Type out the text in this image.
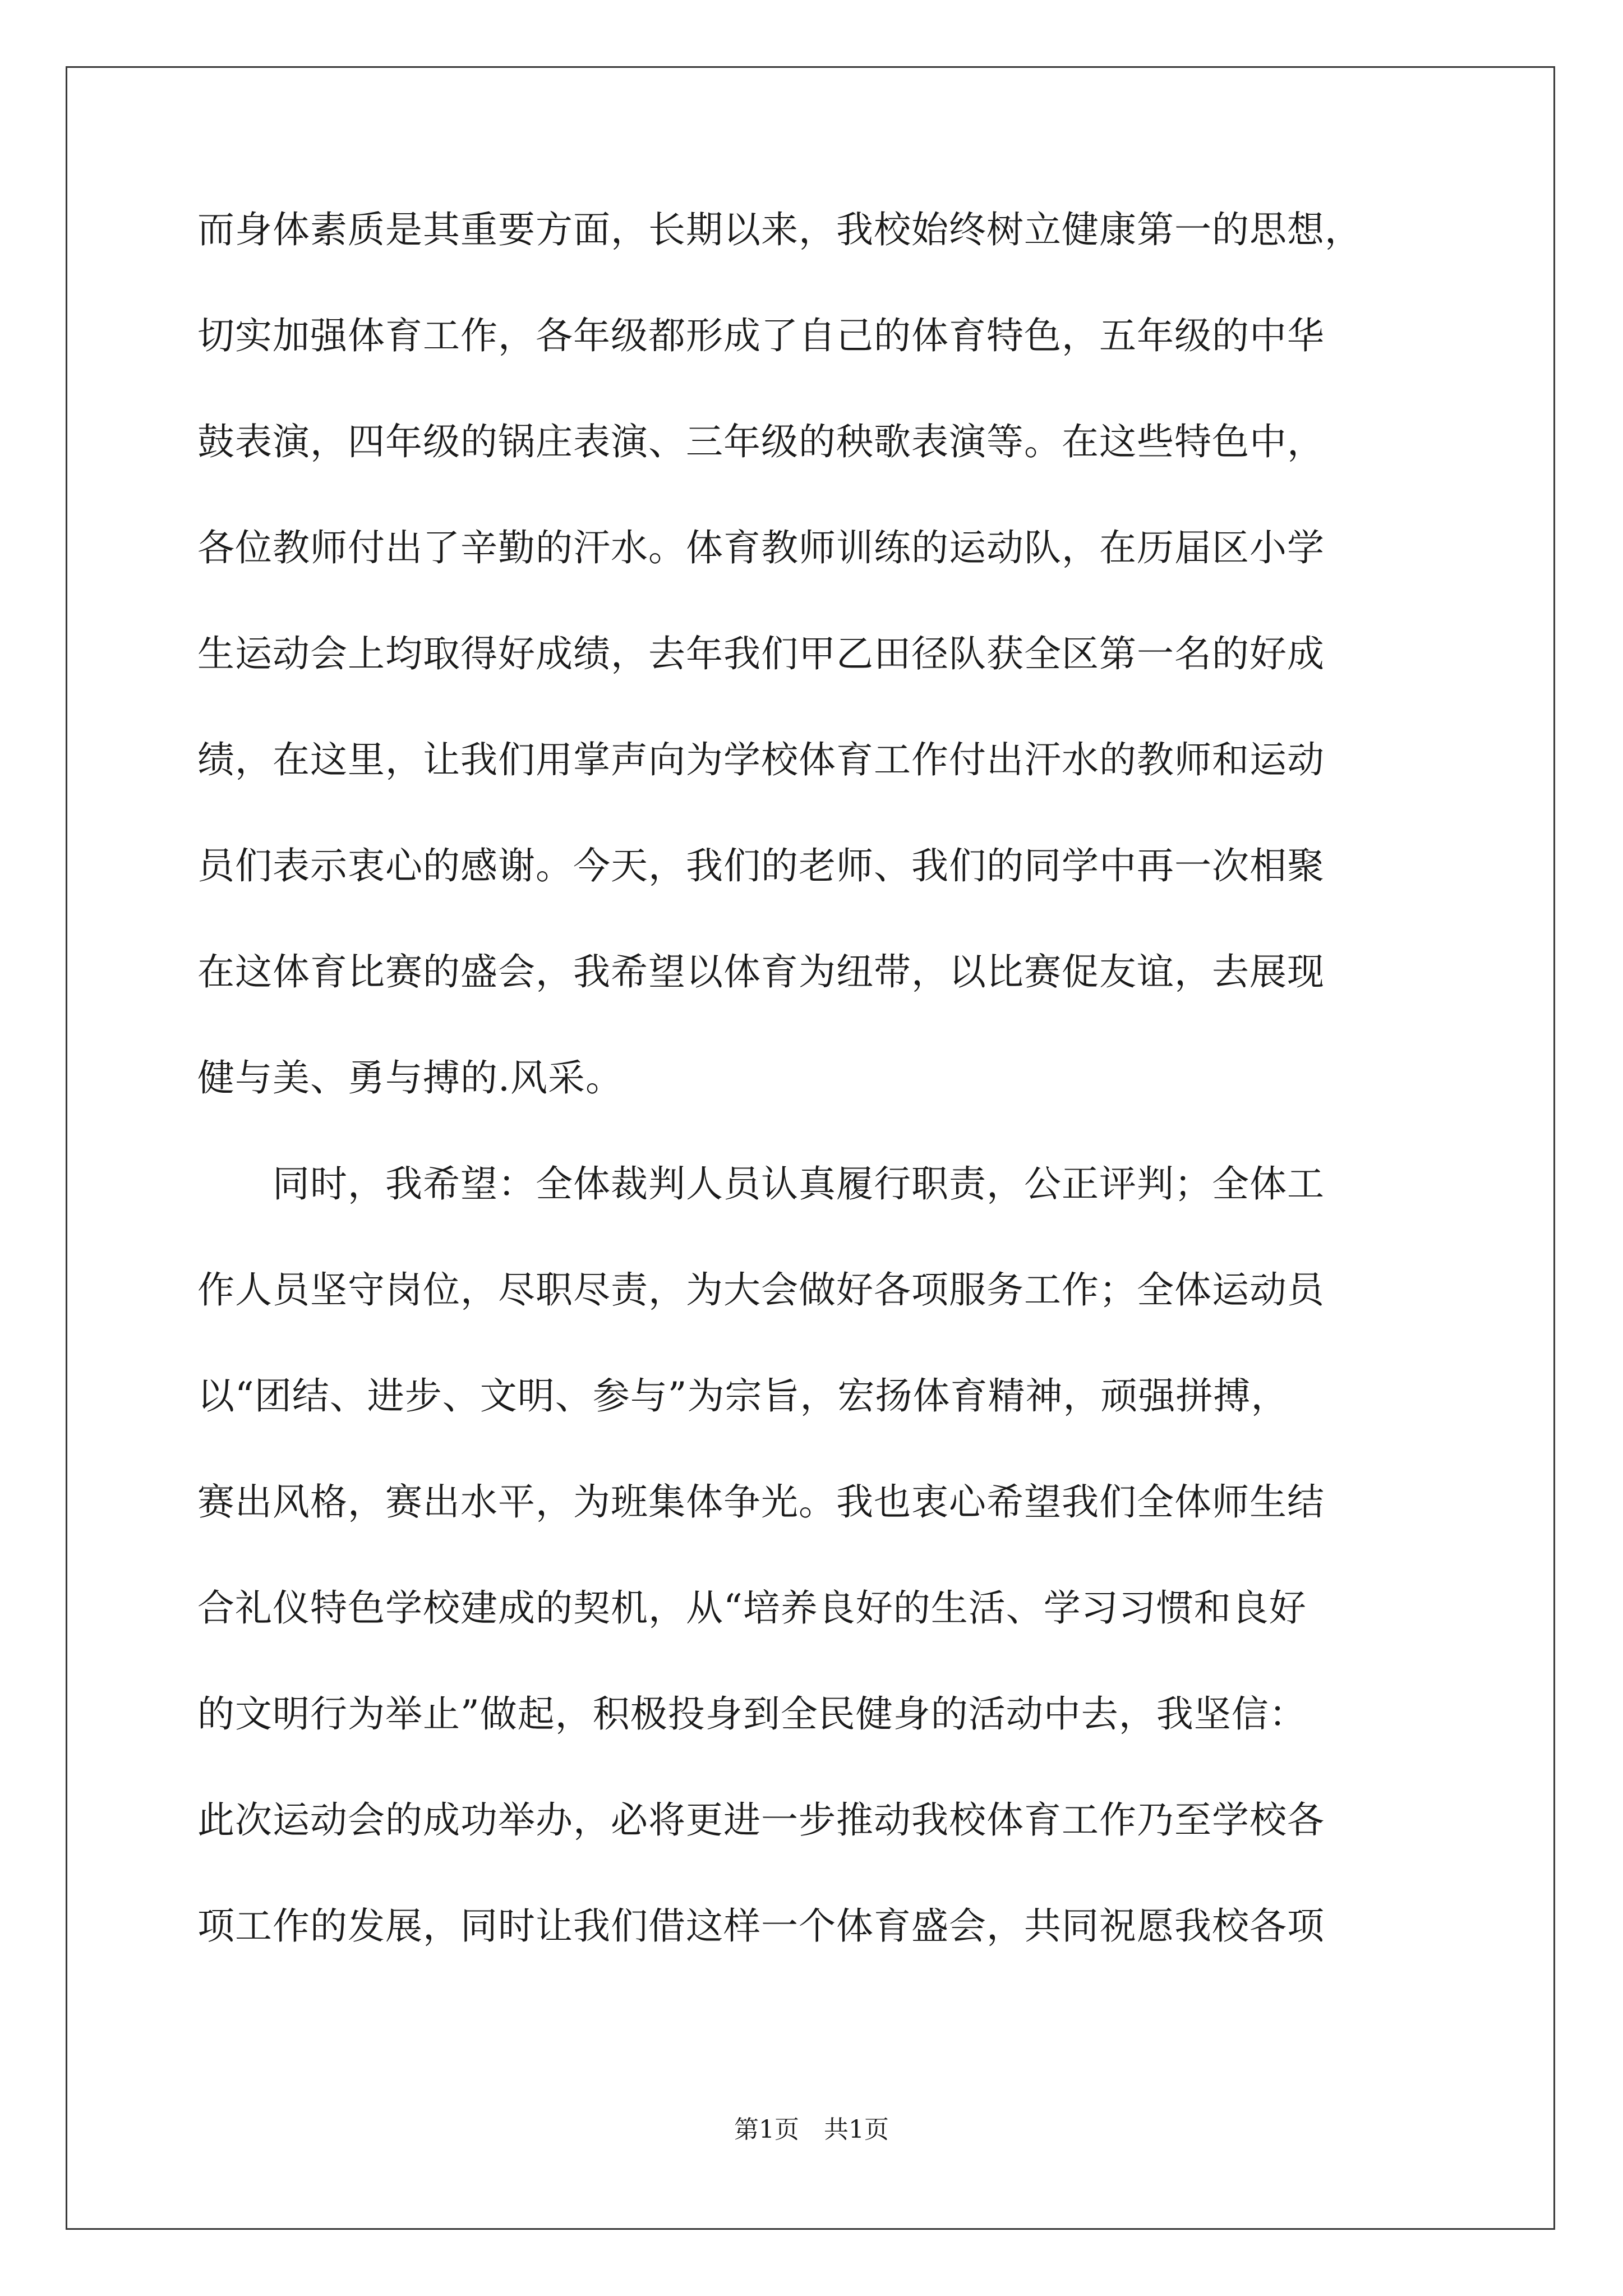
而身体素质是其重要方面，长期以来，我校始终树立健康第一的思想，
切实加强体育工作，各年级都形成了自己的体育特色，五年级的中华
鼓表演，四年级的锅庄表演、三年级的秧歌表演等。在这些特色中，
各位教师付出了辛勤的汗水。体育教师训练的运动队，在历届区小学
生运动会上均取得好成绩，去年我们甲乙田径队获全区第一名的好成
绩，在这里，让我们用掌声向为学校体育工作付出汗水的教师和运动
员们表示衷心的感谢。今天，我们的老师、我们的同学中再一次相聚
在这体育比赛的盛会，我希望以体育为纽带，以比赛促友谊，去展现
健与美、勇与搏的.风采。
　　同时，我希望：全体裁判人员认真履行职责，公正评判；全体工
作人员坚守岗位，尽职尽责，为大会做好各项服务工作；全体运动员
以“团结、进步、文明、参与”为宗旨，宏扬体育精神，顽强拼搏，
赛出风格，赛出水平，为班集体争光。我也衷心希望我们全体师生结
合礼仪特色学校建成的契机，从“培养良好的生活、学习习惯和良好
的文明行为举止”做起，积极投身到全民健身的活动中去，我坚信：
此次运动会的成功举办，必将更进一步推动我校体育工作乃至学校各
项工作的发展，同时让我们借这样一个体育盛会，共同祝愿我校各项
第1页　共1页
